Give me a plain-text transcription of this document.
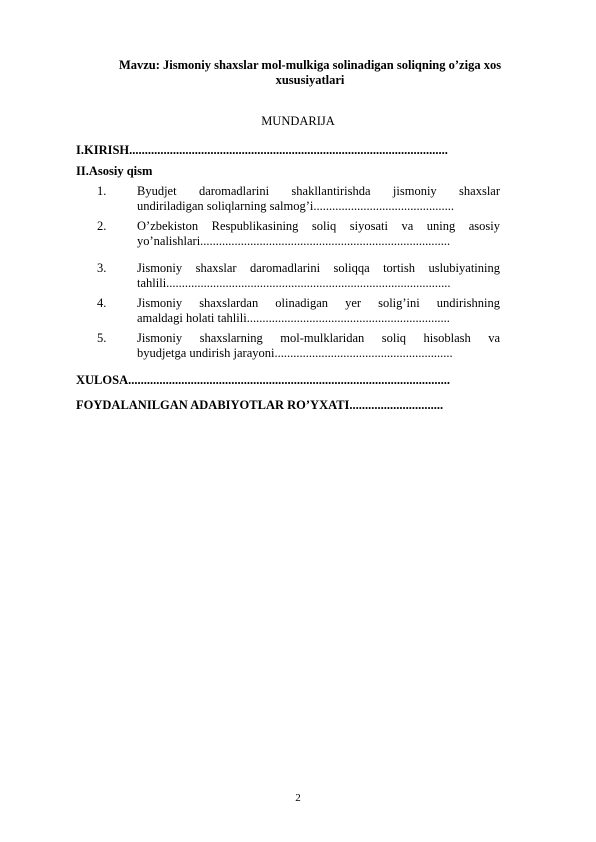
Mavzu: Jismoniy shaxslar mol-mulkiga solinadigan soliqning o’ziga xos
xususiyatlari
MUNDARIJA
I.KIRISH......................................................................................................
II.Asosiy qism
1. Byudjet daromadlarini shakllantirishda jismoniy shaxslar
undiriladigan soliqlarning salmog’i.............................................
2. O’zbekiston Respublikasining soliq siyosati va uning asosiy
yo’nalishlari................................................................................
3. Jismoniy shaxslar daromadlarini soliqqa tortish uslubiyatining
tahlili...........................................................................................
4. Jismoniy shaxslardan olinadigan yer solig’ini undirishning
amaldagi holati tahlili.................................................................
5. Jismoniy shaxslarning mol-mulklaridan soliq hisoblash va
byudjetga undirish jarayoni.........................................................
XULOSA.......................................................................................................
FOYDALANILGAN ADABIYOTLAR RO’YXATI..............................
2
